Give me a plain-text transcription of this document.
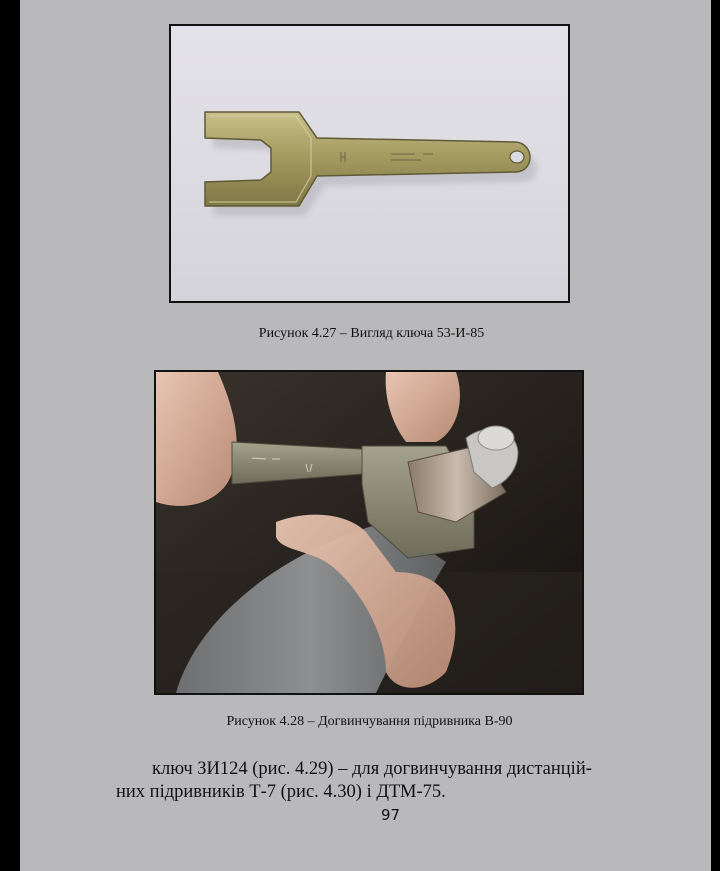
Рисунок 4.27 – Вигляд ключа 53-И-85
Рисунок 4.28 – Догвинчування підривника В-90
ключ ЗИ124 (рис. 4.29) – для догвинчування дистанцій-
них підривників Т-7 (рис. 4.30) і ДТМ-75.
97
